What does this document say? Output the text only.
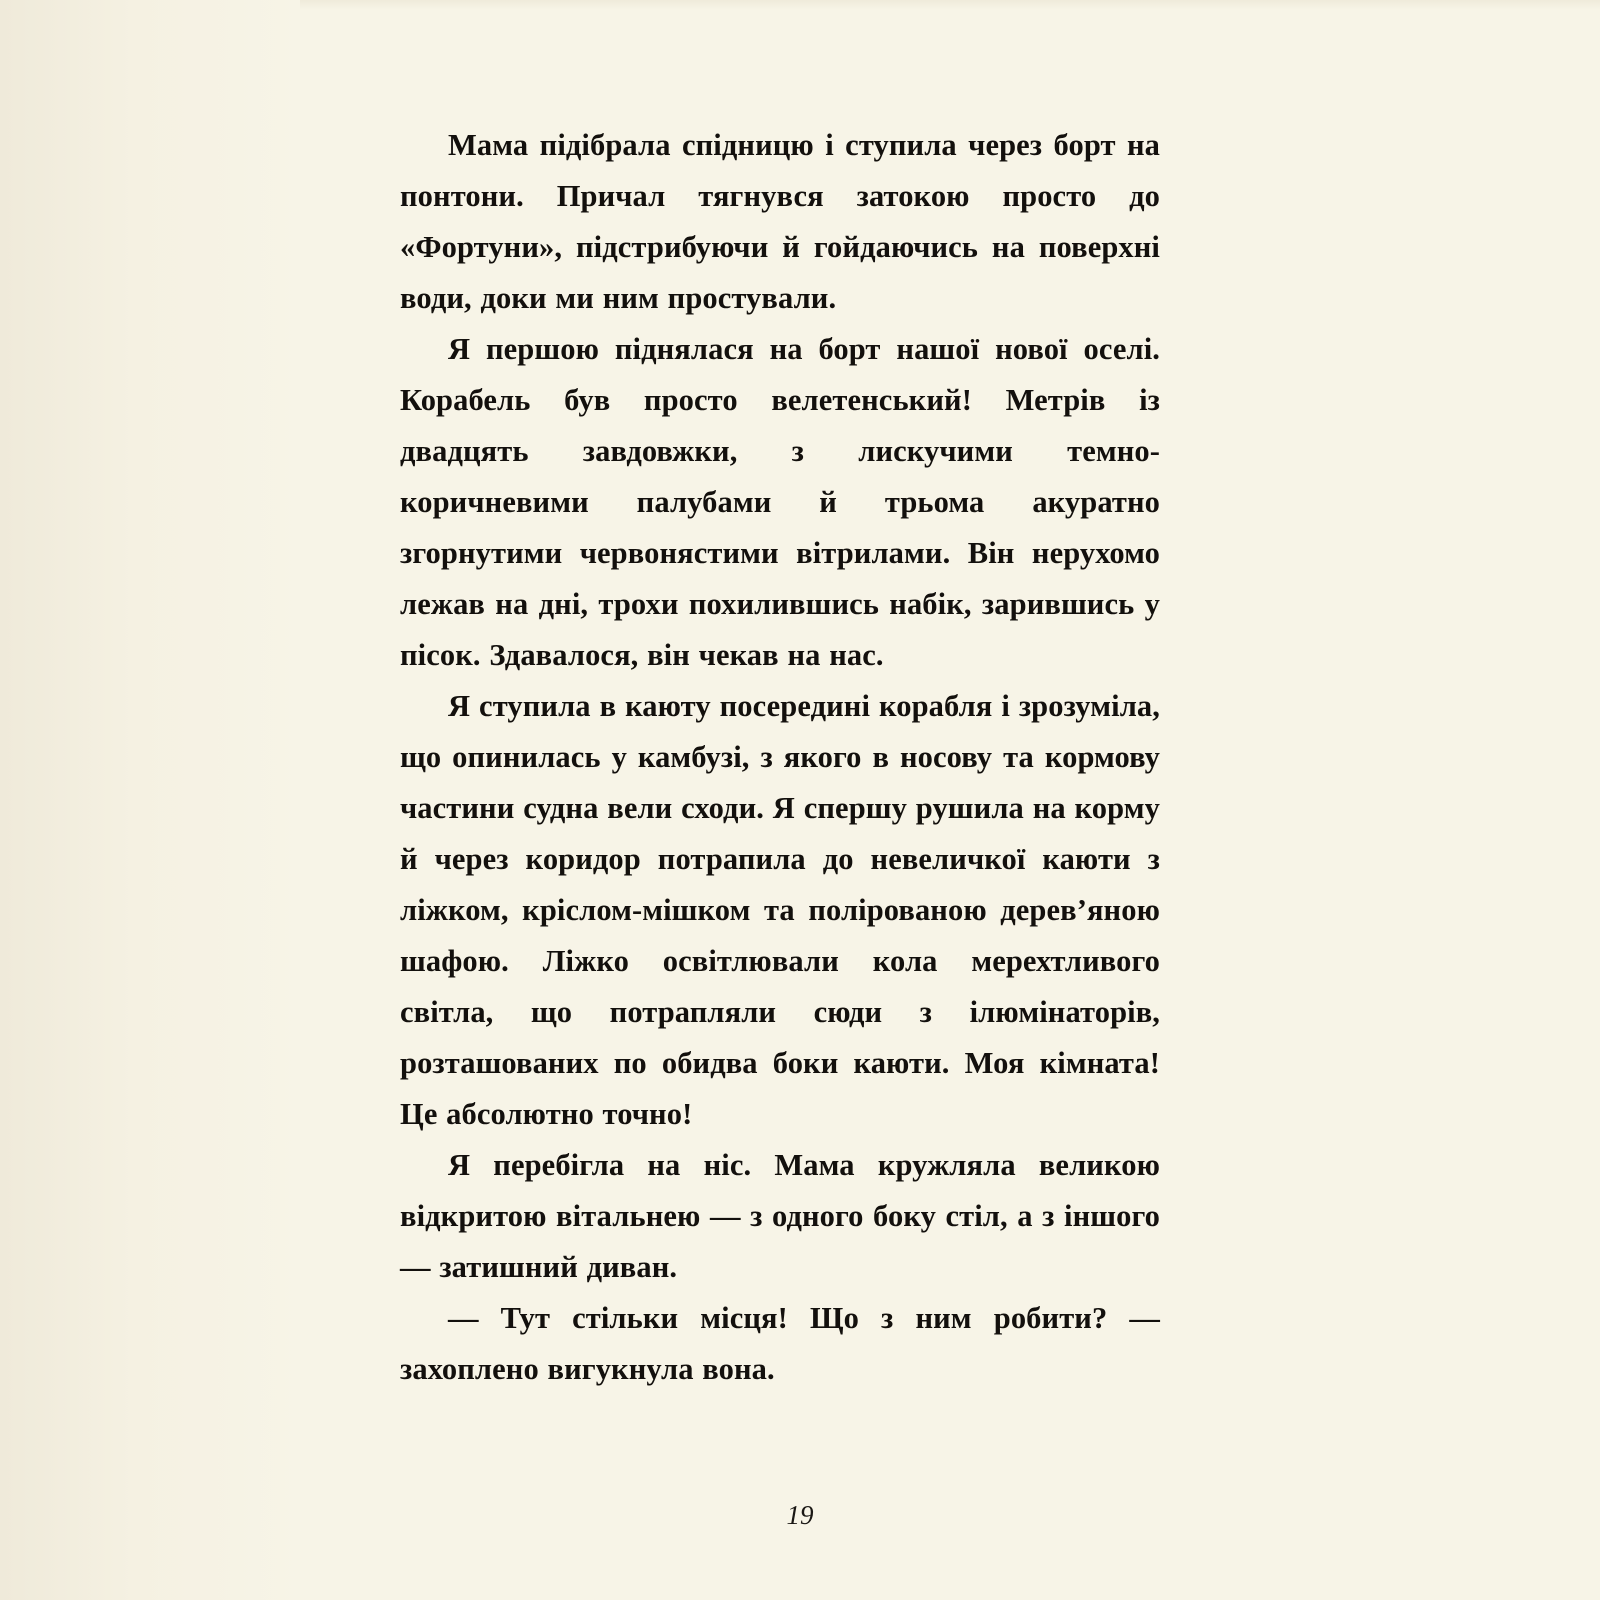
Мама підібрала спідницю і ступила через борт на понтони. Причал тягнувся затокою просто до «Фортуни», підстрибуючи й гойдаючись на поверхні води, доки ми ним простували.

Я першою піднялася на борт нашої нової оселі. Корабель був просто велетенський! Метрів із двадцять завдовжки, з лискучими темно-коричневими палубами й трьома акуратно згорнутими червонястими вітрилами. Він нерухомо лежав на дні, трохи похилившись набік, зарившись у пісок. Здавалося, він чекав на нас.

Я ступила в каюту посередині корабля і зрозуміла, що опинилась у камбузі, з якого в носову та кормову частини судна вели сходи. Я спершу рушила на корму й через коридор потрапила до невеличкої каюти з ліжком, кріслом-мішком та полірованою дерев’яною шафою. Ліжко освітлювали кола мерехтливого світла, що потрапляли сюди з ілюмінаторів, розташованих по обидва боки каюти. Моя кімната! Це абсолютно точно!

Я перебігла на ніс. Мама кружляла великою відкритою вітальнею — з одного боку стіл, а з іншого — затишний диван.

— Тут стільки місця! Що з ним робити? — захоплено вигукнула вона.

19
